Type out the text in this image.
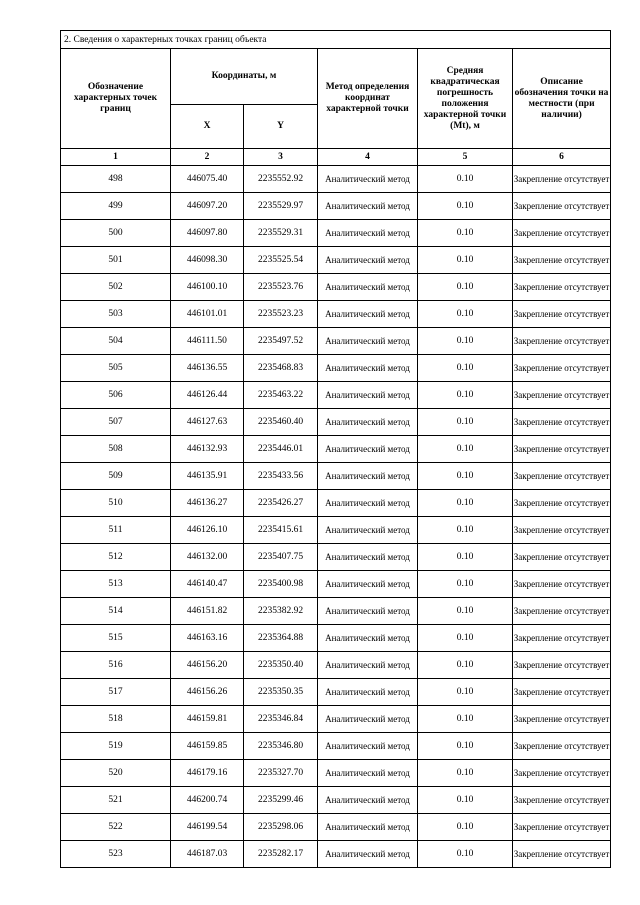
2. Сведения о характерных точках границ объекта					
Обозначение характерных точек границ	Координаты, м		Метод определения координат характерной точки	Средняя квадратическая погрешность положения характерной точки (Mt), м	Описание обозначения точки на местности (при наличии)
	X	Y			
1	2	3	4	5	6
498	446075.40	2235552.92	Аналитический метод	0.10	Закрепление отсутствует
499	446097.20	2235529.97	Аналитический метод	0.10	Закрепление отсутствует
500	446097.80	2235529.31	Аналитический метод	0.10	Закрепление отсутствует
501	446098.30	2235525.54	Аналитический метод	0.10	Закрепление отсутствует
502	446100.10	2235523.76	Аналитический метод	0.10	Закрепление отсутствует
503	446101.01	2235523.23	Аналитический метод	0.10	Закрепление отсутствует
504	446111.50	2235497.52	Аналитический метод	0.10	Закрепление отсутствует
505	446136.55	2235468.83	Аналитический метод	0.10	Закрепление отсутствует
506	446126.44	2235463.22	Аналитический метод	0.10	Закрепление отсутствует
507	446127.63	2235460.40	Аналитический метод	0.10	Закрепление отсутствует
508	446132.93	2235446.01	Аналитический метод	0.10	Закрепление отсутствует
509	446135.91	2235433.56	Аналитический метод	0.10	Закрепление отсутствует
510	446136.27	2235426.27	Аналитический метод	0.10	Закрепление отсутствует
511	446126.10	2235415.61	Аналитический метод	0.10	Закрепление отсутствует
512	446132.00	2235407.75	Аналитический метод	0.10	Закрепление отсутствует
513	446140.47	2235400.98	Аналитический метод	0.10	Закрепление отсутствует
514	446151.82	2235382.92	Аналитический метод	0.10	Закрепление отсутствует
515	446163.16	2235364.88	Аналитический метод	0.10	Закрепление отсутствует
516	446156.20	2235350.40	Аналитический метод	0.10	Закрепление отсутствует
517	446156.26	2235350.35	Аналитический метод	0.10	Закрепление отсутствует
518	446159.81	2235346.84	Аналитический метод	0.10	Закрепление отсутствует
519	446159.85	2235346.80	Аналитический метод	0.10	Закрепление отсутствует
520	446179.16	2235327.70	Аналитический метод	0.10	Закрепление отсутствует
521	446200.74	2235299.46	Аналитический метод	0.10	Закрепление отсутствует
522	446199.54	2235298.06	Аналитический метод	0.10	Закрепление отсутствует
523	446187.03	2235282.17	Аналитический метод	0.10	Закрепление отсутствует
